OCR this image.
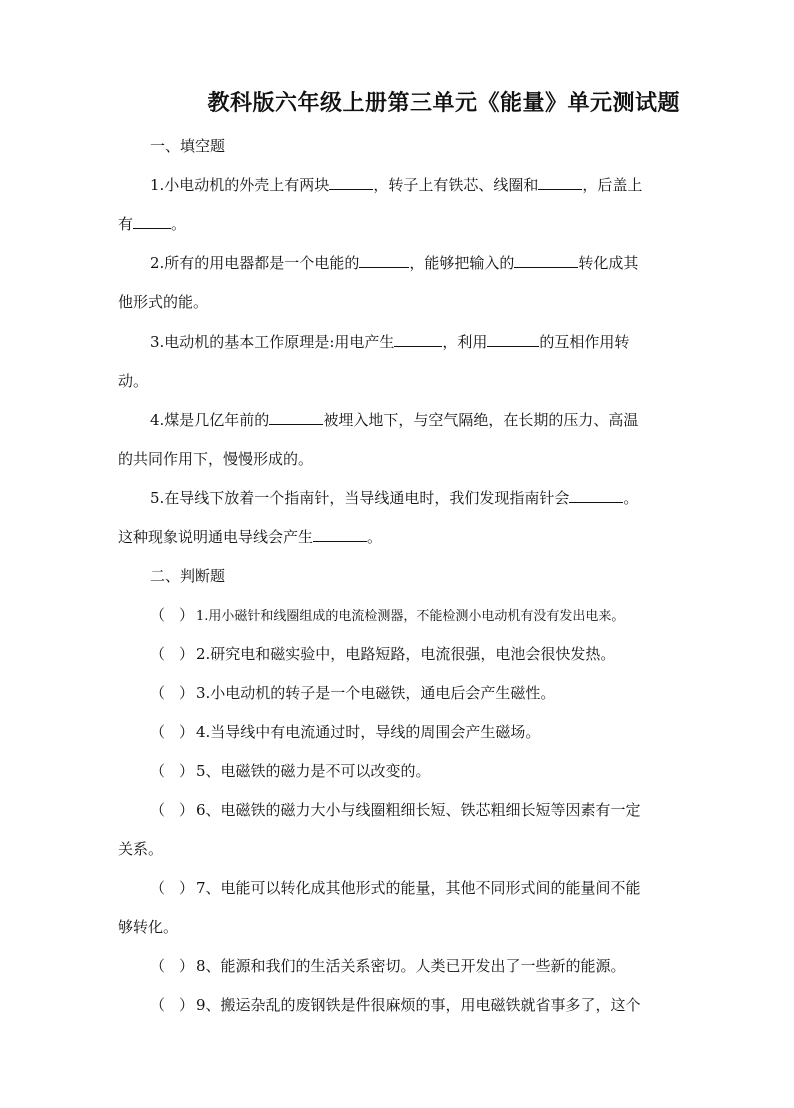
教科版六年级上册第三单元《能量》单元测试题
一、填空题
1.小电动机的外壳上有两块	，转子上有铁芯、线圈和	，后盖上
有	。
2.所有的用电器都是一个电能的	，能够把输入的	转化成其
他形式的能。
3.电动机的基本工作原理是:用电产生	，利用	的互相作用转
动。
4.煤是几亿年前的	被埋入地下，与空气隔绝，在长期的压力、高温
的共同作用下，慢慢形成的。
5.在导线下放着一个指南针，当导线通电时，我们发现指南针会	。
这种现象说明通电导线会产生	。
二、判断题
（ ） 1.用小磁针和线圈组成的电流检测器，不能检测小电动机有没有发出电来。
（ ） 2.研究电和磁实验中，电路短路，电流很强，电池会很快发热。
（ ） 3.小电动机的转子是一个电磁铁，通电后会产生磁性。
（ ） 4.当导线中有电流通过时，导线的周围会产生磁场。
（ ） 5、电磁铁的磁力是不可以改变的。
（ ） 6、电磁铁的磁力大小与线圈粗细长短、铁芯粗细长短等因素有一定
关系。
（ ） 7、电能可以转化成其他形式的能量，其他不同形式间的能量间不能
够转化。
（ ） 8、能源和我们的生活关系密切。人类已开发出了一些新的能源。
（ ） 9、搬运杂乱的废钢铁是件很麻烦的事，用电磁铁就省事多了，这个
